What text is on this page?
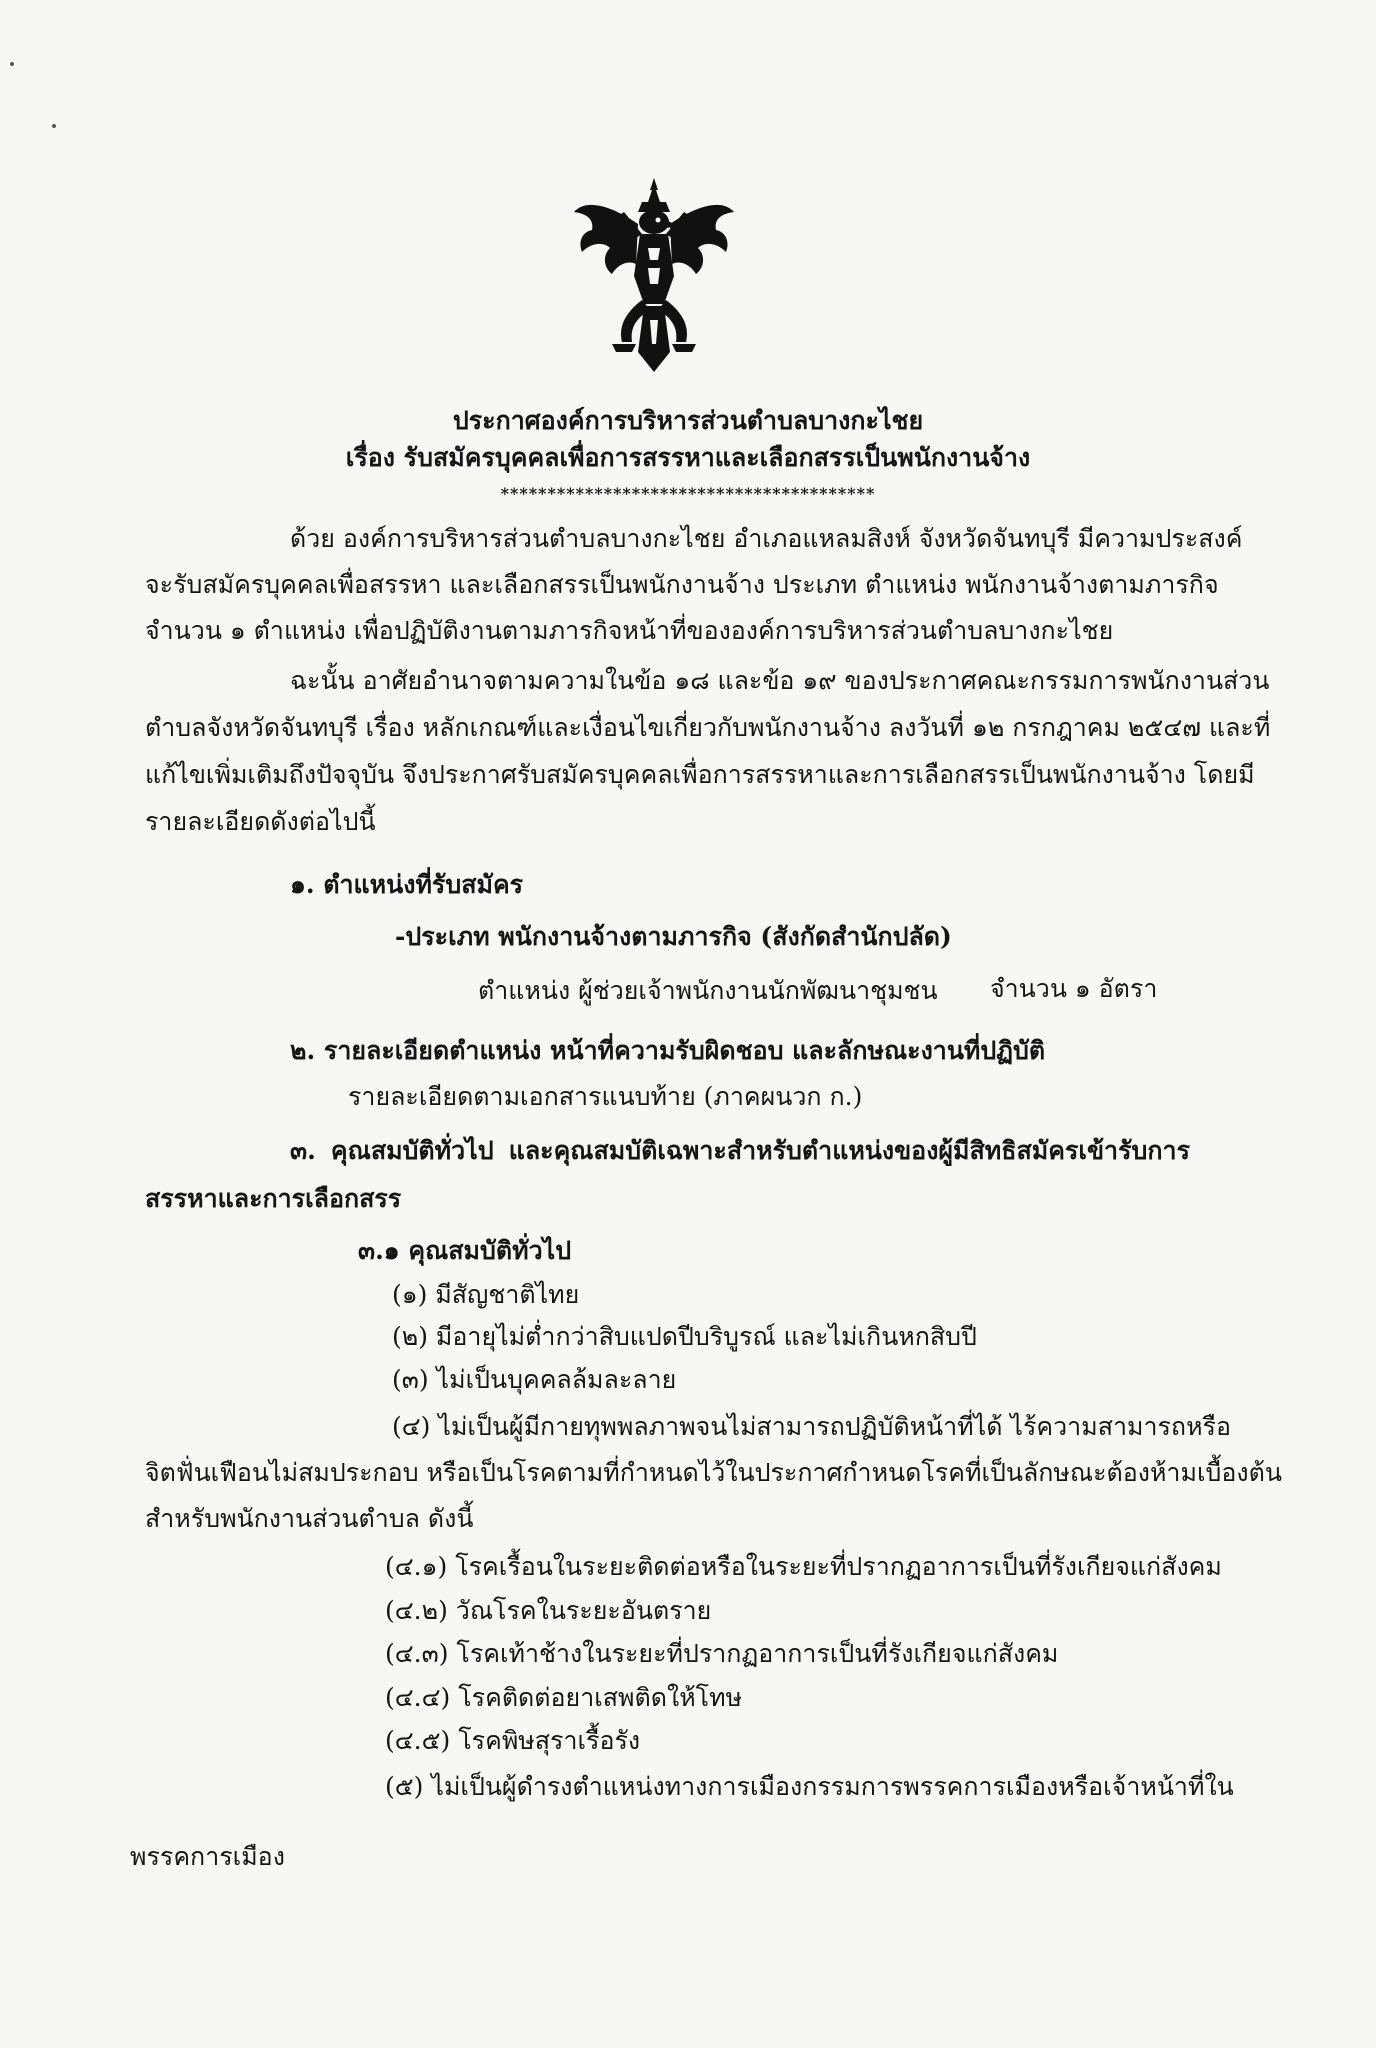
ประกาศองค์การบริหารส่วนตำบลบางกะไชย
เรื่อง รับสมัครบุคคลเพื่อการสรรหาและเลือกสรรเป็นพนักงานจ้าง
****************************************
ด้วย องค์การบริหารส่วนตำบลบางกะไชย อำเภอแหลมสิงห์ จังหวัดจันทบุรี มีความประสงค์
จะรับสมัครบุคคลเพื่อสรรหา และเลือกสรรเป็นพนักงานจ้าง ประเภท ตำแหน่ง พนักงานจ้างตามภารกิจ
จำนวน ๑ ตำแหน่ง เพื่อปฏิบัติงานตามภารกิจหน้าที่ขององค์การบริหารส่วนตำบลบางกะไชย
ฉะนั้น อาศัยอำนาจตามความในข้อ ๑๘ และข้อ ๑๙ ของประกาศคณะกรรมการพนักงานส่วน
ตำบลจังหวัดจันทบุรี เรื่อง หลักเกณฑ์และเงื่อนไขเกี่ยวกับพนักงานจ้าง ลงวันที่ ๑๒ กรกฎาคม ๒๕๔๗ และที่
แก้ไขเพิ่มเติมถึงปัจจุบัน จึงประกาศรับสมัครบุคคลเพื่อการสรรหาและการเลือกสรรเป็นพนักงานจ้าง โดยมี
รายละเอียดดังต่อไปนี้
๑. ตำแหน่งที่รับสมัคร
-ประเภท พนักงานจ้างตามภารกิจ (สังกัดสำนักปลัด)
ตำแหน่ง ผู้ช่วยเจ้าพนักงานนักพัฒนาชุมชน จำนวน ๑ อัตรา
๒. รายละเอียดตำแหน่ง หน้าที่ความรับผิดชอบ และลักษณะงานที่ปฏิบัติ
รายละเอียดตามเอกสารแนบท้าย (ภาคผนวก ก.)
๓. คุณสมบัติทั่วไป และคุณสมบัติเฉพาะสำหรับตำแหน่งของผู้มีสิทธิสมัครเข้ารับการ
สรรหาและการเลือกสรร
๓.๑ คุณสมบัติทั่วไป
(๑) มีสัญชาติไทย
(๒) มีอายุไม่ต่ำกว่าสิบแปดปีบริบูรณ์ และไม่เกินหกสิบปี
(๓) ไม่เป็นบุคคลล้มละลาย
(๔) ไม่เป็นผู้มีกายทุพพลภาพจนไม่สามารถปฏิบัติหน้าที่ได้ ไร้ความสามารถหรือ
จิตฟั่นเฟือนไม่สมประกอบ หรือเป็นโรคตามที่กำหนดไว้ในประกาศกำหนดโรคที่เป็นลักษณะต้องห้ามเบื้องต้น
สำหรับพนักงานส่วนตำบล ดังนี้
(๔.๑) โรคเรื้อนในระยะติดต่อหรือในระยะที่ปรากฏอาการเป็นที่รังเกียจแก่สังคม
(๔.๒) วัณโรคในระยะอันตราย
(๔.๓) โรคเท้าช้างในระยะที่ปรากฏอาการเป็นที่รังเกียจแก่สังคม
(๔.๔) โรคติดต่อยาเสพติดให้โทษ
(๔.๕) โรคพิษสุราเรื้อรัง
(๕) ไม่เป็นผู้ดำรงตำแหน่งทางการเมืองกรรมการพรรคการเมืองหรือเจ้าหน้าที่ใน
พรรคการเมือง
